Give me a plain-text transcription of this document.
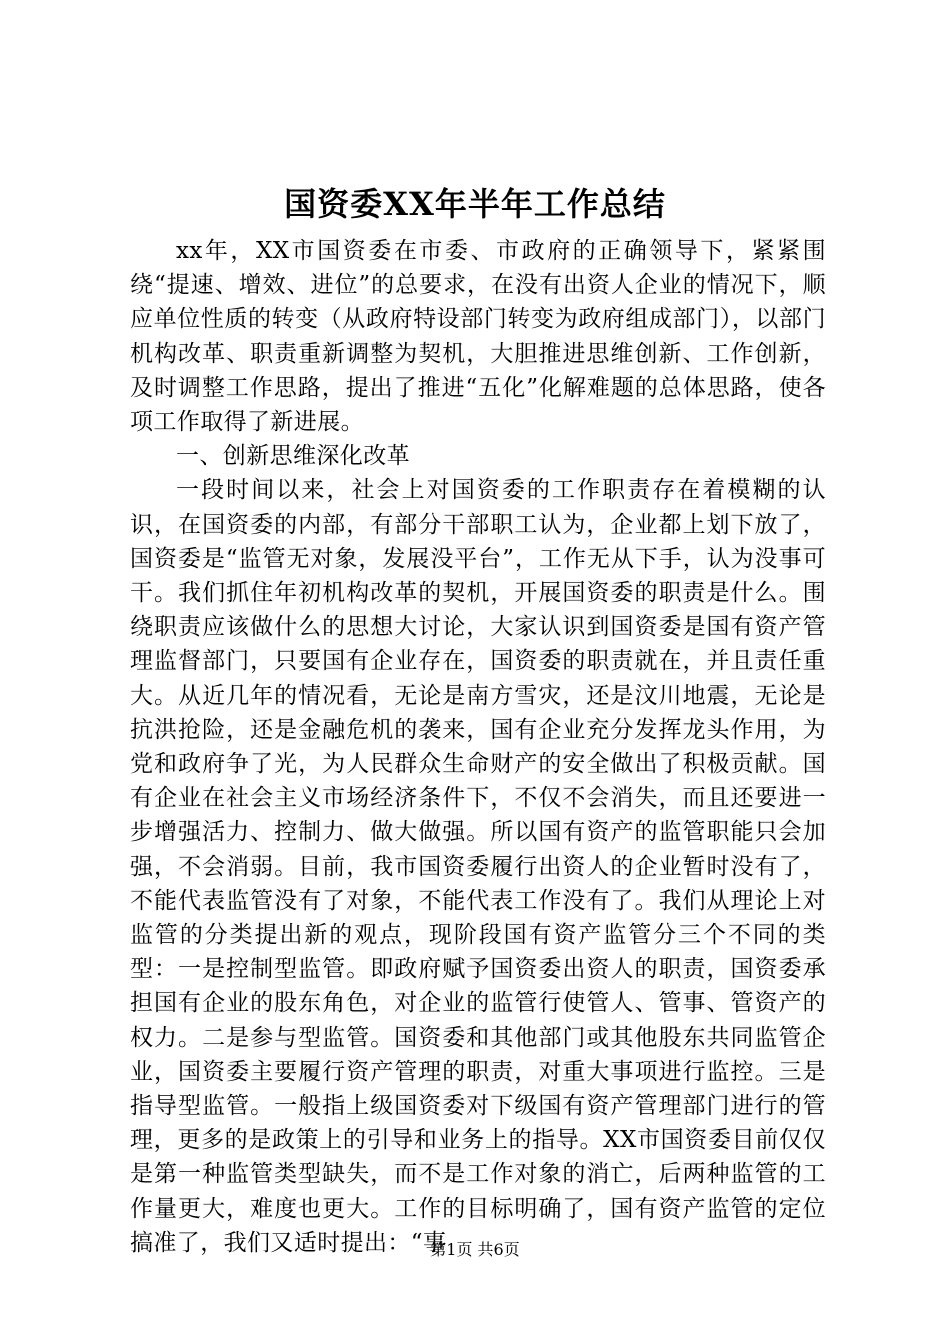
国资委XX年半年工作总结

xx年，XX市国资委在市委、市政府的正确领导下，紧紧围绕“提速、增效、进位”的总要求，在没有出资人企业的情况下，顺应单位性质的转变（从政府特设部门转变为政府组成部门），以部门机构改革、职责重新调整为契机，大胆推进思维创新、工作创新，及时调整工作思路，提出了推进“五化”化解难题的总体思路，使各项工作取得了新进展。

一、创新思维深化改革

一段时间以来，社会上对国资委的工作职责存在着模糊的认识，在国资委的内部，有部分干部职工认为，企业都上划下放了，国资委是“监管无对象，发展没平台”，工作无从下手，认为没事可干。我们抓住年初机构改革的契机，开展国资委的职责是什么。围绕职责应该做什么的思想大讨论，大家认识到国资委是国有资产管理监督部门，只要国有企业存在，国资委的职责就在，并且责任重大。从近几年的情况看，无论是南方雪灾，还是汶川地震，无论是抗洪抢险，还是金融危机的袭来，国有企业充分发挥龙头作用，为党和政府争了光，为人民群众生命财产的安全做出了积极贡献。国有企业在社会主义市场经济条件下，不仅不会消失，而且还要进一步增强活力、控制力、做大做强。所以国有资产的监管职能只会加强，不会消弱。目前，我市国资委履行出资人的企业暂时没有了，不能代表监管没有了对象，不能代表工作没有了。我们从理论上对监管的分类提出新的观点，现阶段国有资产监管分三个不同的类型：一是控制型监管。即政府赋予国资委出资人的职责，国资委承担国有企业的股东角色，对企业的监管行使管人、管事、管资产的权力。二是参与型监管。国资委和其他部门或其他股东共同监管企业，国资委主要履行资产管理的职责，对重大事项进行监控。三是指导型监管。一般指上级国资委对下级国有资产管理部门进行的管理，更多的是政策上的引导和业务上的指导。XX市国资委目前仅仅是第一种监管类型缺失，而不是工作对象的消亡，后两种监管的工作量更大，难度也更大。工作的目标明确了，国有资产监管的定位搞准了，我们又适时提出：“事

第1页 共6页
